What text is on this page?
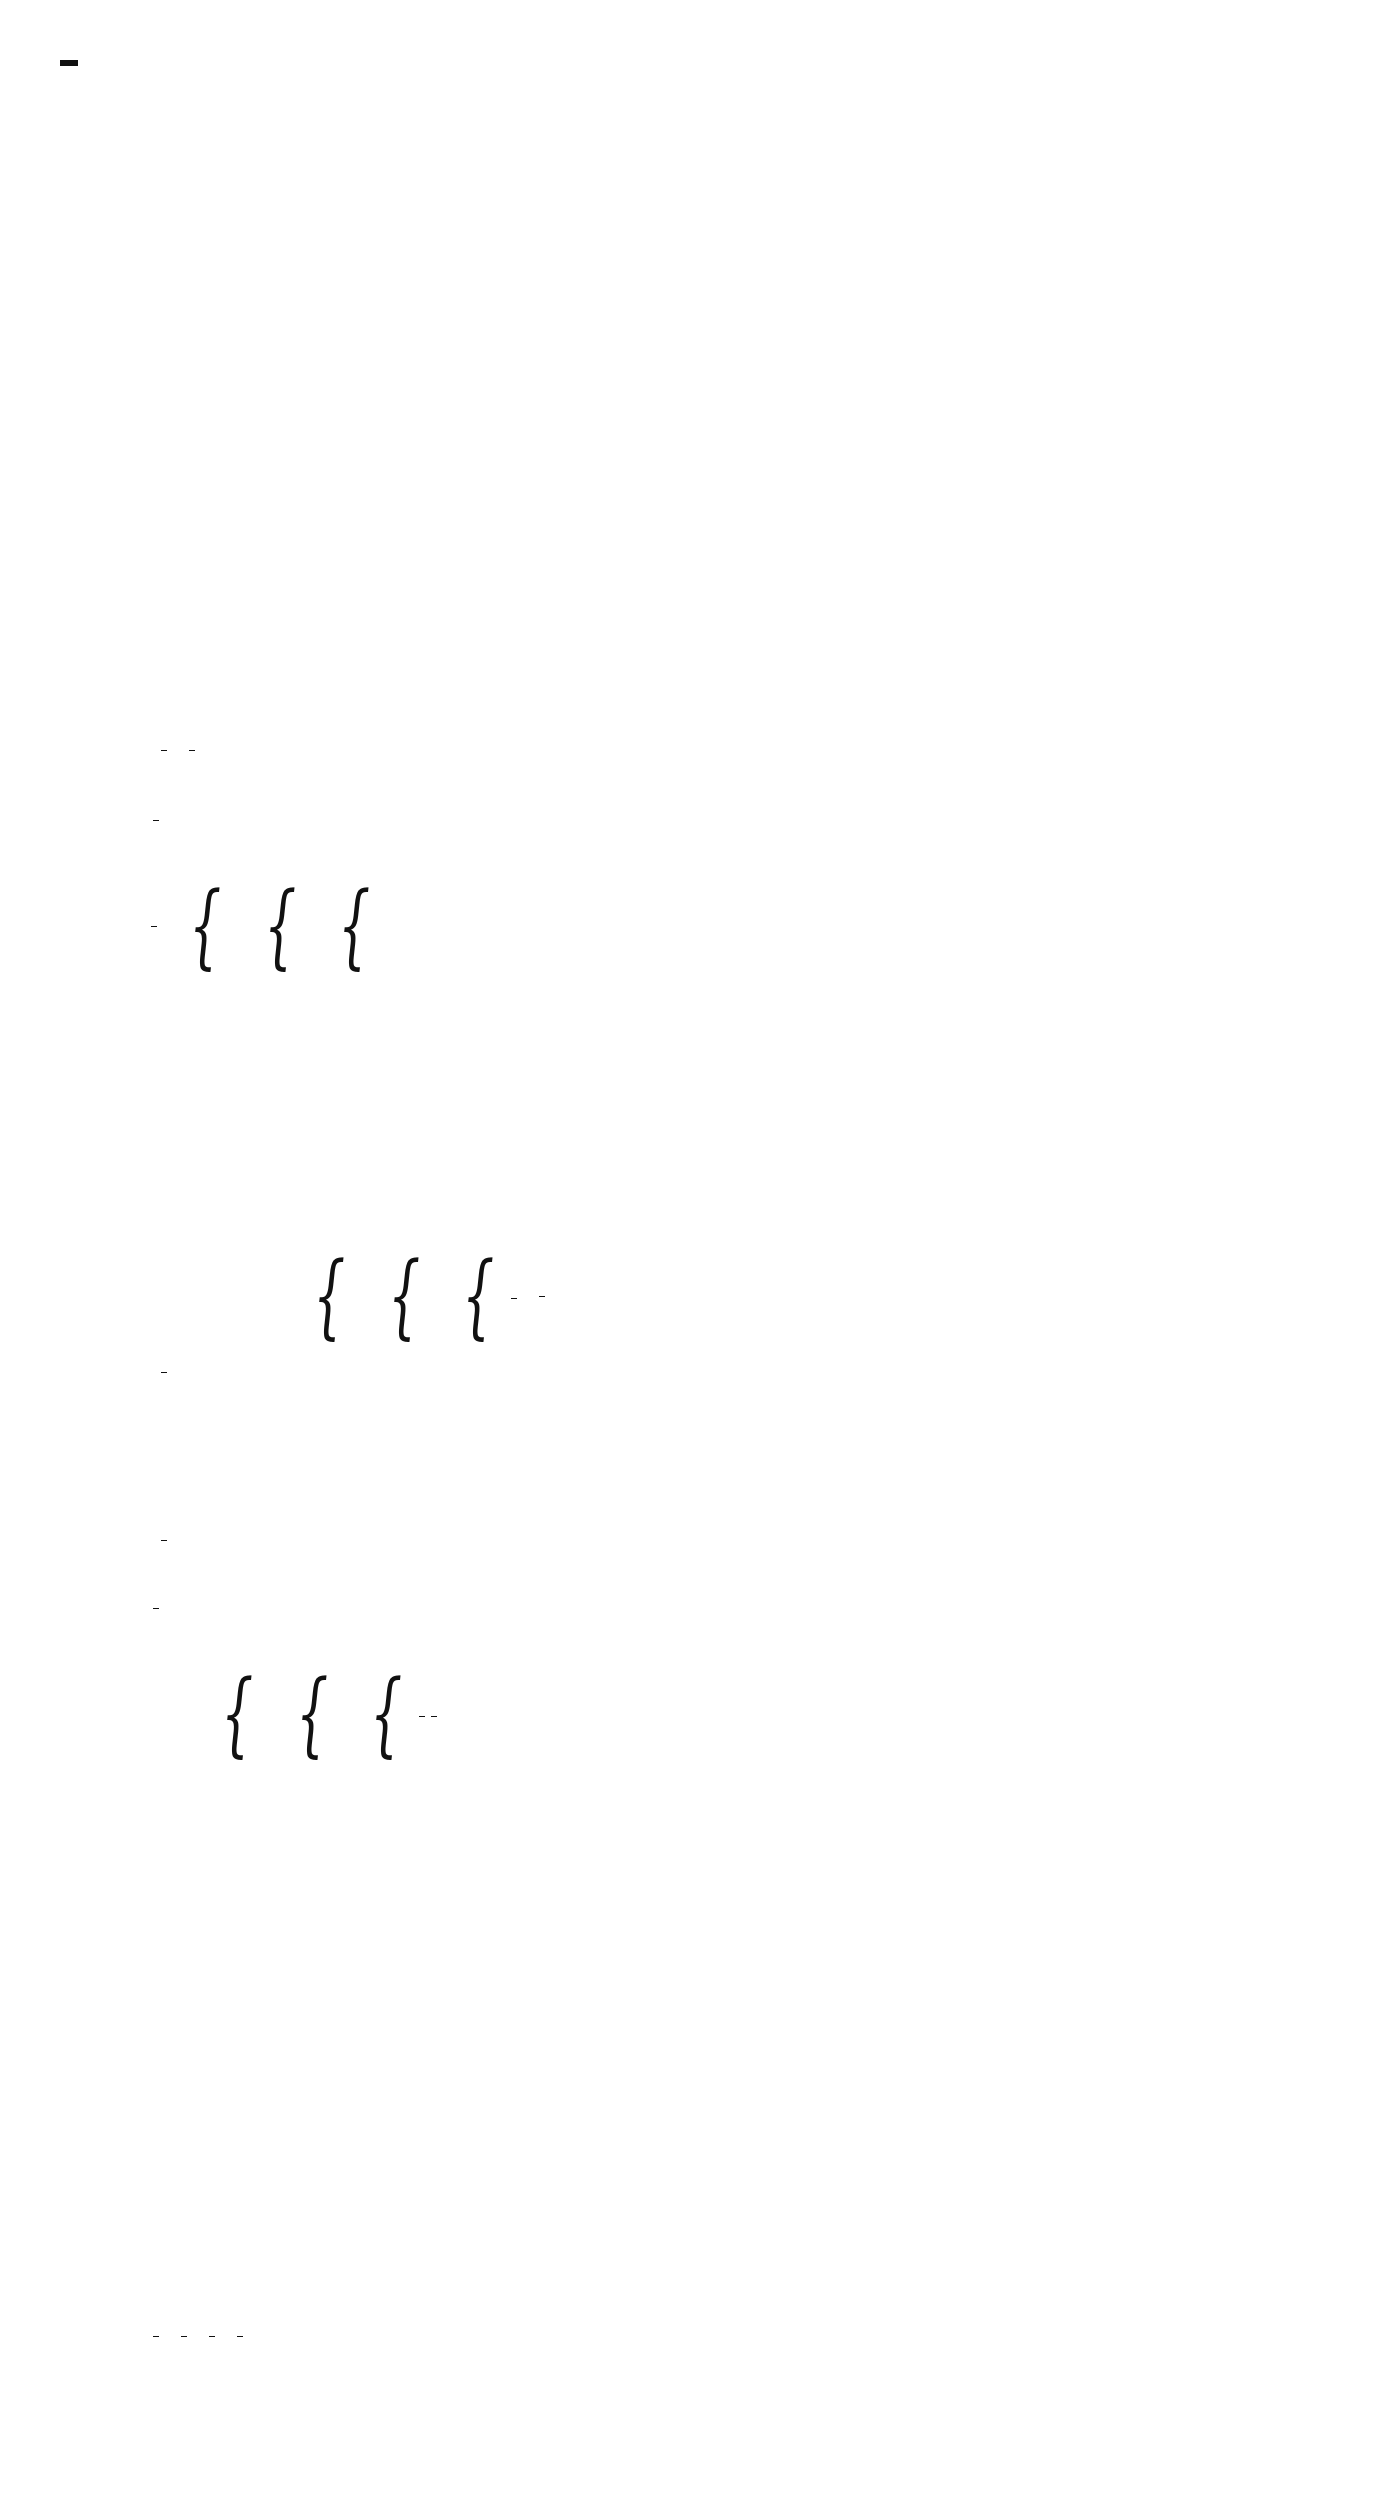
{ { {
{ { {
{ { {
